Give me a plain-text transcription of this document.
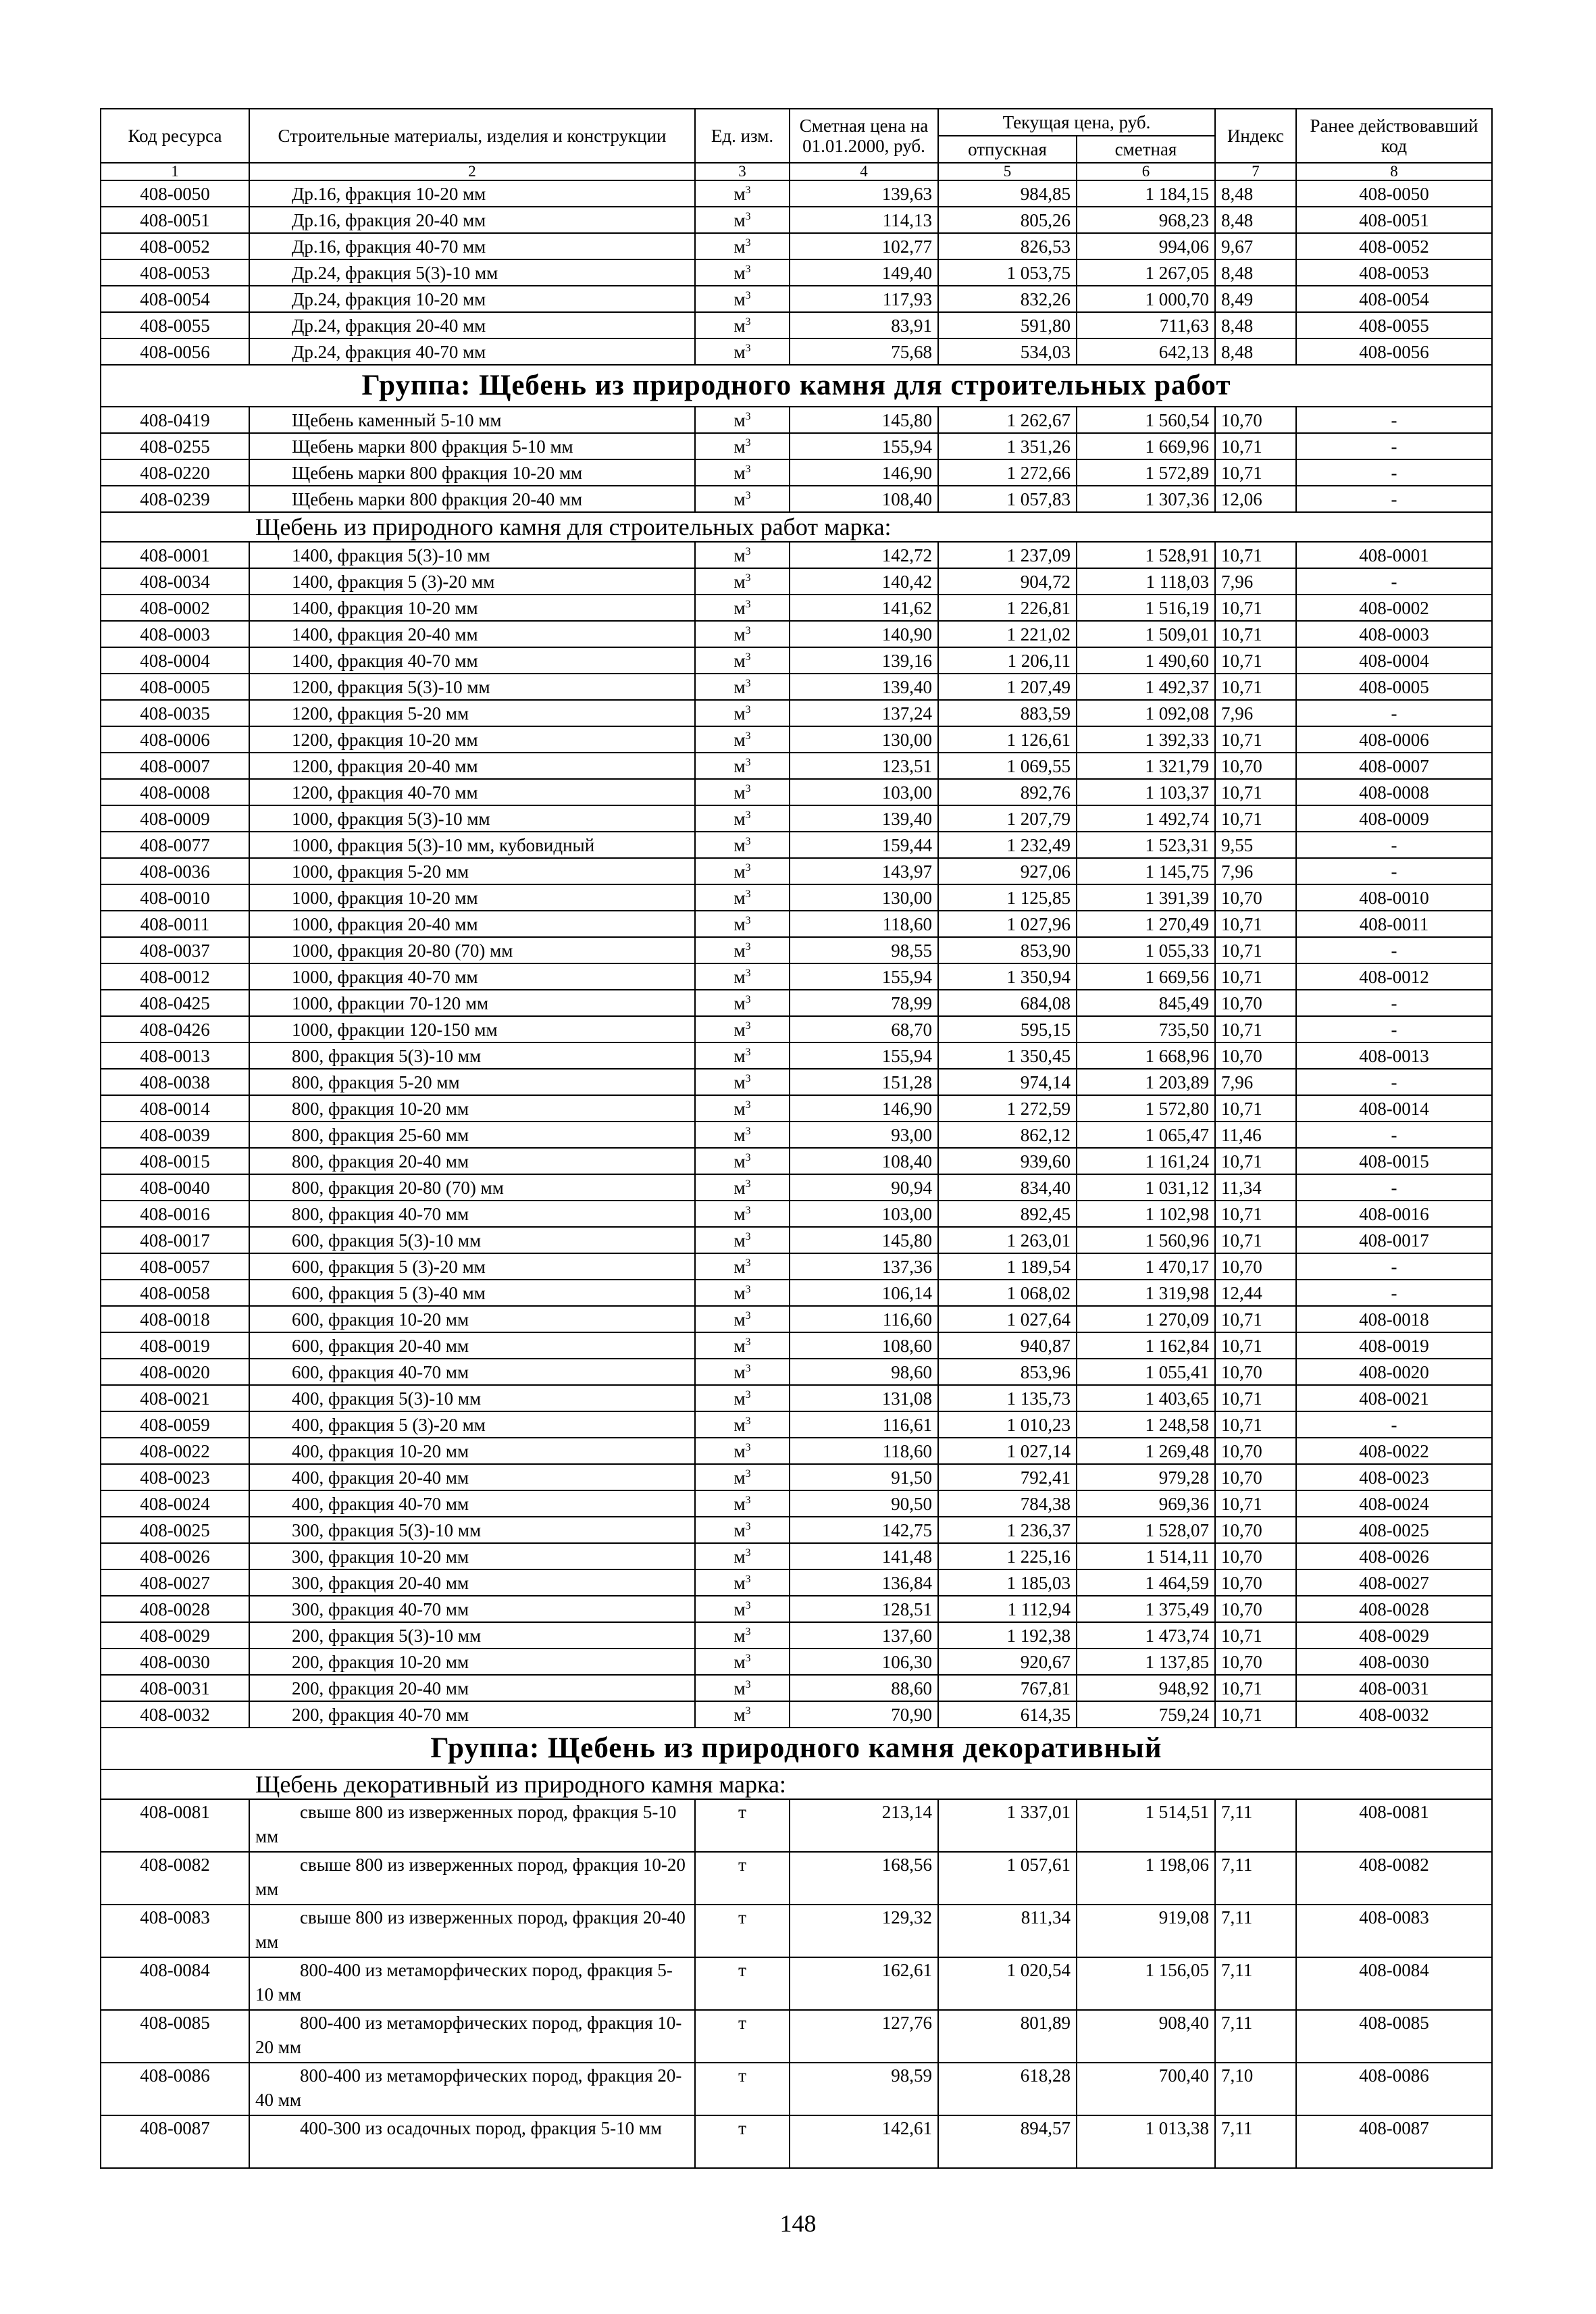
Код ресурса	Строительные материалы, изделия и конструкции	Ед. изм.	Сметная цена на 01.01.2000, руб.	Текущая цена, руб.		Индекс	Ранее действовавший код
				отпускная	сметная		
1	2	3	4	5	6	7	8
408-0050	Др.16, фракция 10-20 мм	$м^3$	139,63	984,85	1 184,15	8,48	408-0050
408-0051	Др.16, фракция 20-40 мм	$м^3$	114,13	805,26	968,23	8,48	408-0051
408-0052	Др.16, фракция 40-70 мм	$м^3$	102,77	826,53	994,06	9,67	408-0052
408-0053	Др.24, фракция 5(3)-10 мм	$м^3$	149,40	1 053,75	1 267,05	8,48	408-0053
408-0054	Др.24, фракция 10-20 мм	$м^3$	117,93	832,26	1 000,70	8,49	408-0054
408-0055	Др.24, фракция 20-40 мм	$м^3$	83,91	591,80	711,63	8,48	408-0055
408-0056	Др.24, фракция 40-70 мм	$м^3$	75,68	534,03	642,13	8,48	408-0056
Группа: Щебень из природного камня для строительных работ							
408-0419	Щебень каменный 5-10 мм	$м^3$	145,80	1 262,67	1 560,54	10,70	-
408-0255	Щебень марки 800 фракция 5-10 мм	$м^3$	155,94	1 351,26	1 669,96	10,71	-
408-0220	Щебень марки 800 фракция 10-20 мм	$м^3$	146,90	1 272,66	1 572,89	10,71	-
408-0239	Щебень марки 800 фракция 20-40 мм	$м^3$	108,40	1 057,83	1 307,36	12,06	-
Щебень из природного камня для строительных работ марка:							
408-0001	1400, фракция 5(3)-10 мм	$м^3$	142,72	1 237,09	1 528,91	10,71	408-0001
408-0034	1400, фракция 5 (3)-20 мм	$м^3$	140,42	904,72	1 118,03	7,96	-
408-0002	1400, фракция 10-20 мм	$м^3$	141,62	1 226,81	1 516,19	10,71	408-0002
408-0003	1400, фракция 20-40 мм	$м^3$	140,90	1 221,02	1 509,01	10,71	408-0003
408-0004	1400, фракция 40-70 мм	$м^3$	139,16	1 206,11	1 490,60	10,71	408-0004
408-0005	1200, фракция 5(3)-10 мм	$м^3$	139,40	1 207,49	1 492,37	10,71	408-0005
408-0035	1200, фракция 5-20 мм	$м^3$	137,24	883,59	1 092,08	7,96	-
408-0006	1200, фракция 10-20 мм	$м^3$	130,00	1 126,61	1 392,33	10,71	408-0006
408-0007	1200, фракция 20-40 мм	$м^3$	123,51	1 069,55	1 321,79	10,70	408-0007
408-0008	1200, фракция 40-70 мм	$м^3$	103,00	892,76	1 103,37	10,71	408-0008
408-0009	1000, фракция 5(3)-10 мм	$м^3$	139,40	1 207,79	1 492,74	10,71	408-0009
408-0077	1000, фракция 5(3)-10 мм, кубовидный	$м^3$	159,44	1 232,49	1 523,31	9,55	-
408-0036	1000, фракция 5-20 мм	$м^3$	143,97	927,06	1 145,75	7,96	-
408-0010	1000, фракция 10-20 мм	$м^3$	130,00	1 125,85	1 391,39	10,70	408-0010
408-0011	1000, фракция 20-40 мм	$м^3$	118,60	1 027,96	1 270,49	10,71	408-0011
408-0037	1000, фракция 20-80 (70) мм	$м^3$	98,55	853,90	1 055,33	10,71	-
408-0012	1000, фракция 40-70 мм	$м^3$	155,94	1 350,94	1 669,56	10,71	408-0012
408-0425	1000, фракции 70-120 мм	$м^3$	78,99	684,08	845,49	10,70	-
408-0426	1000, фракции 120-150 мм	$м^3$	68,70	595,15	735,50	10,71	-
408-0013	800, фракция 5(3)-10 мм	$м^3$	155,94	1 350,45	1 668,96	10,70	408-0013
408-0038	800, фракция 5-20 мм	$м^3$	151,28	974,14	1 203,89	7,96	-
408-0014	800, фракция 10-20 мм	$м^3$	146,90	1 272,59	1 572,80	10,71	408-0014
408-0039	800, фракция 25-60 мм	$м^3$	93,00	862,12	1 065,47	11,46	-
408-0015	800, фракция 20-40 мм	$м^3$	108,40	939,60	1 161,24	10,71	408-0015
408-0040	800, фракция 20-80 (70) мм	$м^3$	90,94	834,40	1 031,12	11,34	-
408-0016	800, фракция 40-70 мм	$м^3$	103,00	892,45	1 102,98	10,71	408-0016
408-0017	600, фракция 5(3)-10 мм	$м^3$	145,80	1 263,01	1 560,96	10,71	408-0017
408-0057	600, фракция 5 (3)-20 мм	$м^3$	137,36	1 189,54	1 470,17	10,70	-
408-0058	600, фракция 5 (3)-40 мм	$м^3$	106,14	1 068,02	1 319,98	12,44	-
408-0018	600, фракция 10-20 мм	$м^3$	116,60	1 027,64	1 270,09	10,71	408-0018
408-0019	600, фракция 20-40 мм	$м^3$	108,60	940,87	1 162,84	10,71	408-0019
408-0020	600, фракция 40-70 мм	$м^3$	98,60	853,96	1 055,41	10,70	408-0020
408-0021	400, фракция 5(3)-10 мм	$м^3$	131,08	1 135,73	1 403,65	10,71	408-0021
408-0059	400, фракция 5 (3)-20 мм	$м^3$	116,61	1 010,23	1 248,58	10,71	-
408-0022	400, фракция 10-20 мм	$м^3$	118,60	1 027,14	1 269,48	10,70	408-0022
408-0023	400, фракция 20-40 мм	$м^3$	91,50	792,41	979,28	10,70	408-0023
408-0024	400, фракция 40-70 мм	$м^3$	90,50	784,38	969,36	10,71	408-0024
408-0025	300, фракция 5(3)-10 мм	$м^3$	142,75	1 236,37	1 528,07	10,70	408-0025
408-0026	300, фракция 10-20 мм	$м^3$	141,48	1 225,16	1 514,11	10,70	408-0026
408-0027	300, фракция 20-40 мм	$м^3$	136,84	1 185,03	1 464,59	10,70	408-0027
408-0028	300, фракция 40-70 мм	$м^3$	128,51	1 112,94	1 375,49	10,70	408-0028
408-0029	200, фракция 5(3)-10 мм	$м^3$	137,60	1 192,38	1 473,74	10,71	408-0029
408-0030	200, фракция 10-20 мм	$м^3$	106,30	920,67	1 137,85	10,70	408-0030
408-0031	200, фракция 20-40 мм	$м^3$	88,60	767,81	948,92	10,71	408-0031
408-0032	200, фракция 40-70 мм	$м^3$	70,90	614,35	759,24	10,71	408-0032
Группа: Щебень из природного камня декоративный							
Щебень декоративный из природного камня марка:							
408-0081	свыше 800 из изверженных пород, фракция 5-10 мм	т	213,14	1 337,01	1 514,51	7,11	408-0081
408-0082	свыше 800 из изверженных пород, фракция 10-20 мм	т	168,56	1 057,61	1 198,06	7,11	408-0082
408-0083	свыше 800 из изверженных пород, фракция 20-40 мм	т	129,32	811,34	919,08	7,11	408-0083
408-0084	800-400 из метаморфических пород, фракция 5-10 мм	т	162,61	1 020,54	1 156,05	7,11	408-0084
408-0085	800-400 из метаморфических пород, фракция 10-20 мм	т	127,76	801,89	908,40	7,11	408-0085
408-0086	800-400 из метаморфических пород, фракция 20-40 мм	т	98,59	618,28	700,40	7,10	408-0086
408-0087	400-300 из осадочных пород, фракция 5-10 мм	т	142,61	894,57	1 013,38	7,11	408-0087
148
